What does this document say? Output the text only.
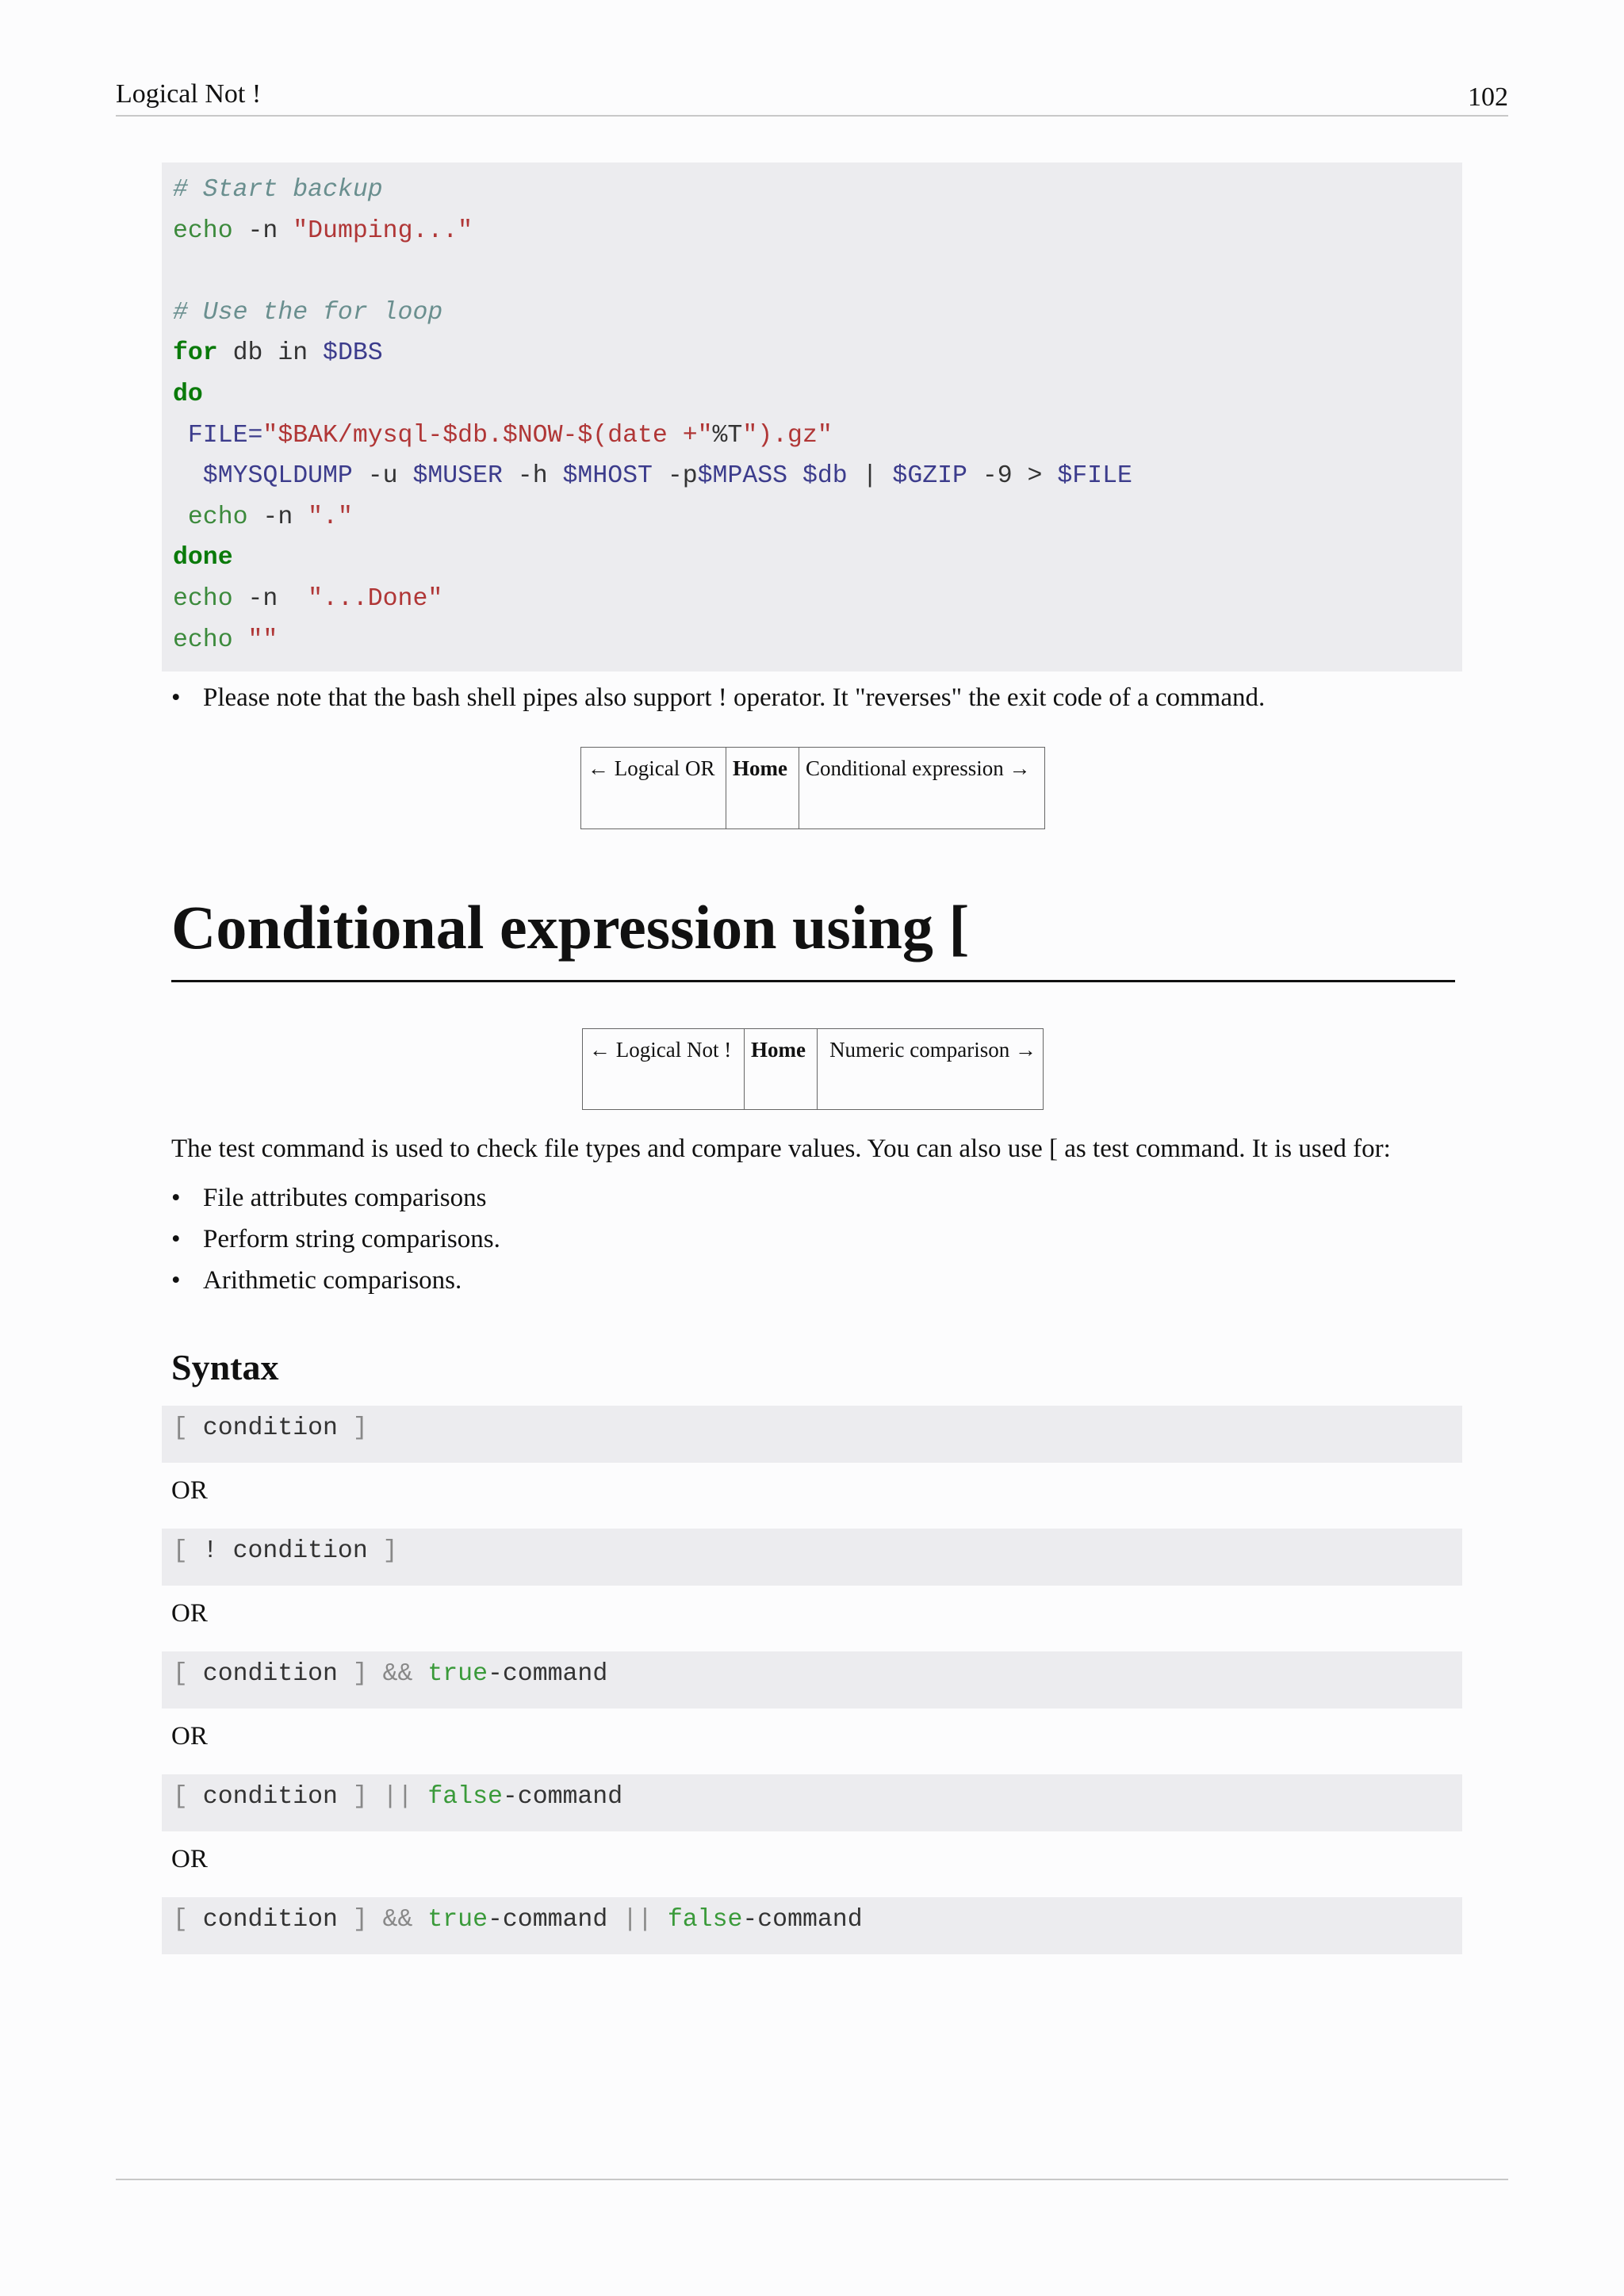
Logical Not !	102
# Start backup
echo -n "Dumping..."
# Use the for loop
for db in $DBS
do
FILE="$BAK/mysql-$db.$NOW-$(date +"%T").gz"
$MYSQLDUMP -u $MUSER -h $MHOST -p$MPASS $db | $GZIP -9 > $FILE
echo -n "."
done
echo -n  "...Done"
echo ""
• Please note that the bash shell pipes also support ! operator. It "reverses" the exit code of a command.
← Logical OR	Home	Conditional expression →
Conditional expression using [
← Logical Not !	Home	Numeric comparison →
The test command is used to check file types and compare values. You can also use [ as test command. It is used for:
• File attributes comparisons
• Perform string comparisons.
• Arithmetic comparisons.
Syntax
[ condition ]
OR
[ ! condition ]
OR
[ condition ] && true-command
OR
[ condition ] || false-command
OR
[ condition ] && true-command || false-command
